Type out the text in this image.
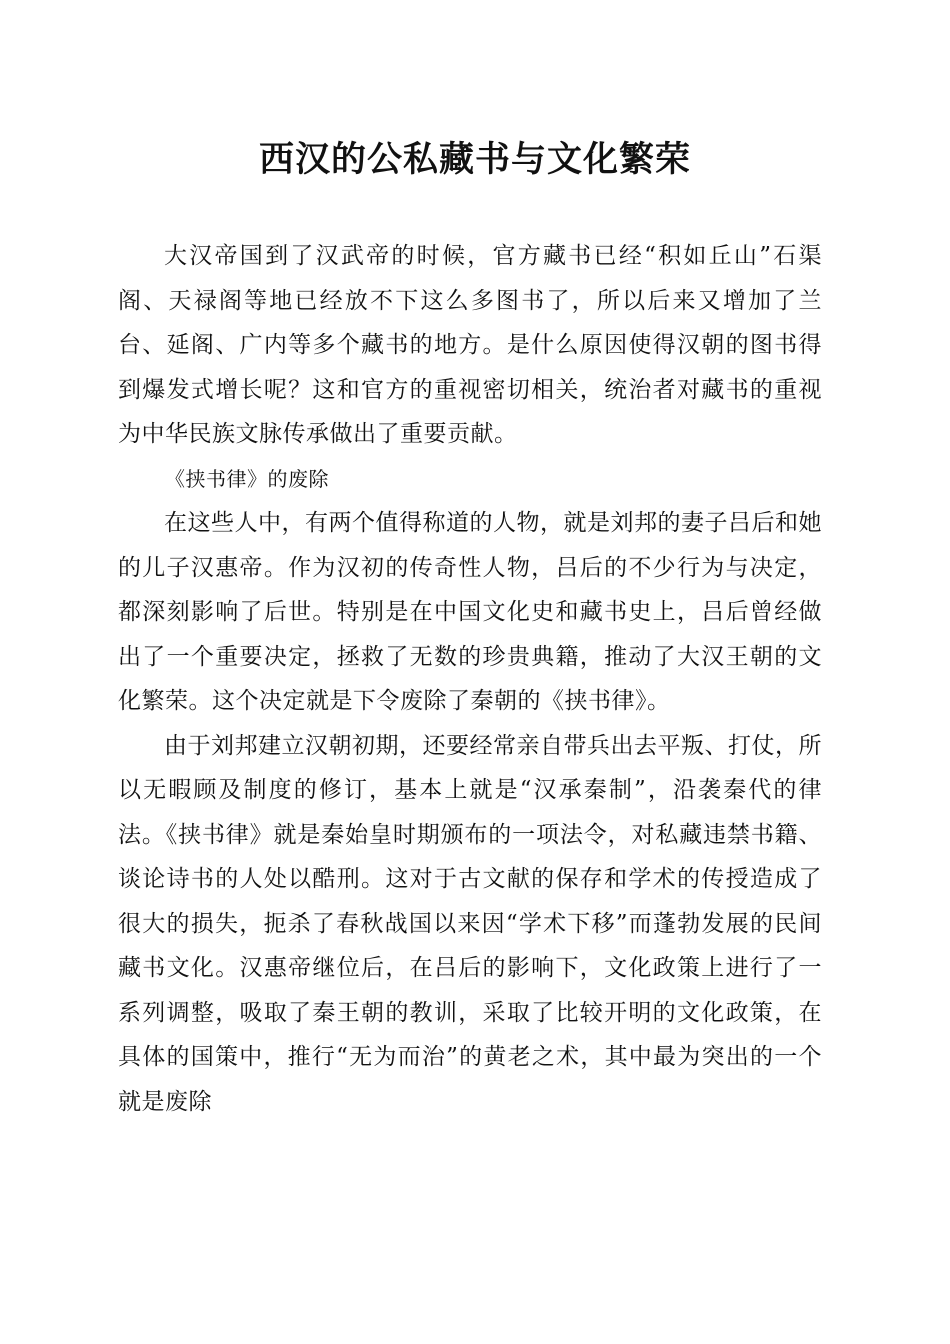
西汉的公私藏书与文化繁荣

大汉帝国到了汉武帝的时候，官方藏书已经“积如丘山”石渠阁、天禄阁等地已经放不下这么多图书了，所以后来又增加了兰台、延阁、广内等多个藏书的地方。是什么原因使得汉朝的图书得到爆发式增长呢？这和官方的重视密切相关，统治者对藏书的重视为中华民族文脉传承做出了重要贡献。

《挟书律》的废除

在这些人中，有两个值得称道的人物，就是刘邦的妻子吕后和她的儿子汉惠帝。作为汉初的传奇性人物，吕后的不少行为与决定，都深刻影响了后世。特别是在中国文化史和藏书史上，吕后曾经做出了一个重要决定，拯救了无数的珍贵典籍，推动了大汉王朝的文化繁荣。这个决定就是下令废除了秦朝的《挟书律》。

由于刘邦建立汉朝初期，还要经常亲自带兵出去平叛、打仗，所以无暇顾及制度的修订，基本上就是“汉承秦制”，沿袭秦代的律法。《挟书律》就是秦始皇时期颁布的一项法令，对私藏违禁书籍、谈论诗书的人处以酷刑。这对于古文献的保存和学术的传授造成了很大的损失，扼杀了春秋战国以来因“学术下移”而蓬勃发展的民间藏书文化。汉惠帝继位后，在吕后的影响下，文化政策上进行了一系列调整，吸取了秦王朝的教训，采取了比较开明的文化政策，在具体的国策中，推行“无为而治”的黄老之术，其中最为突出的一个就是废除
